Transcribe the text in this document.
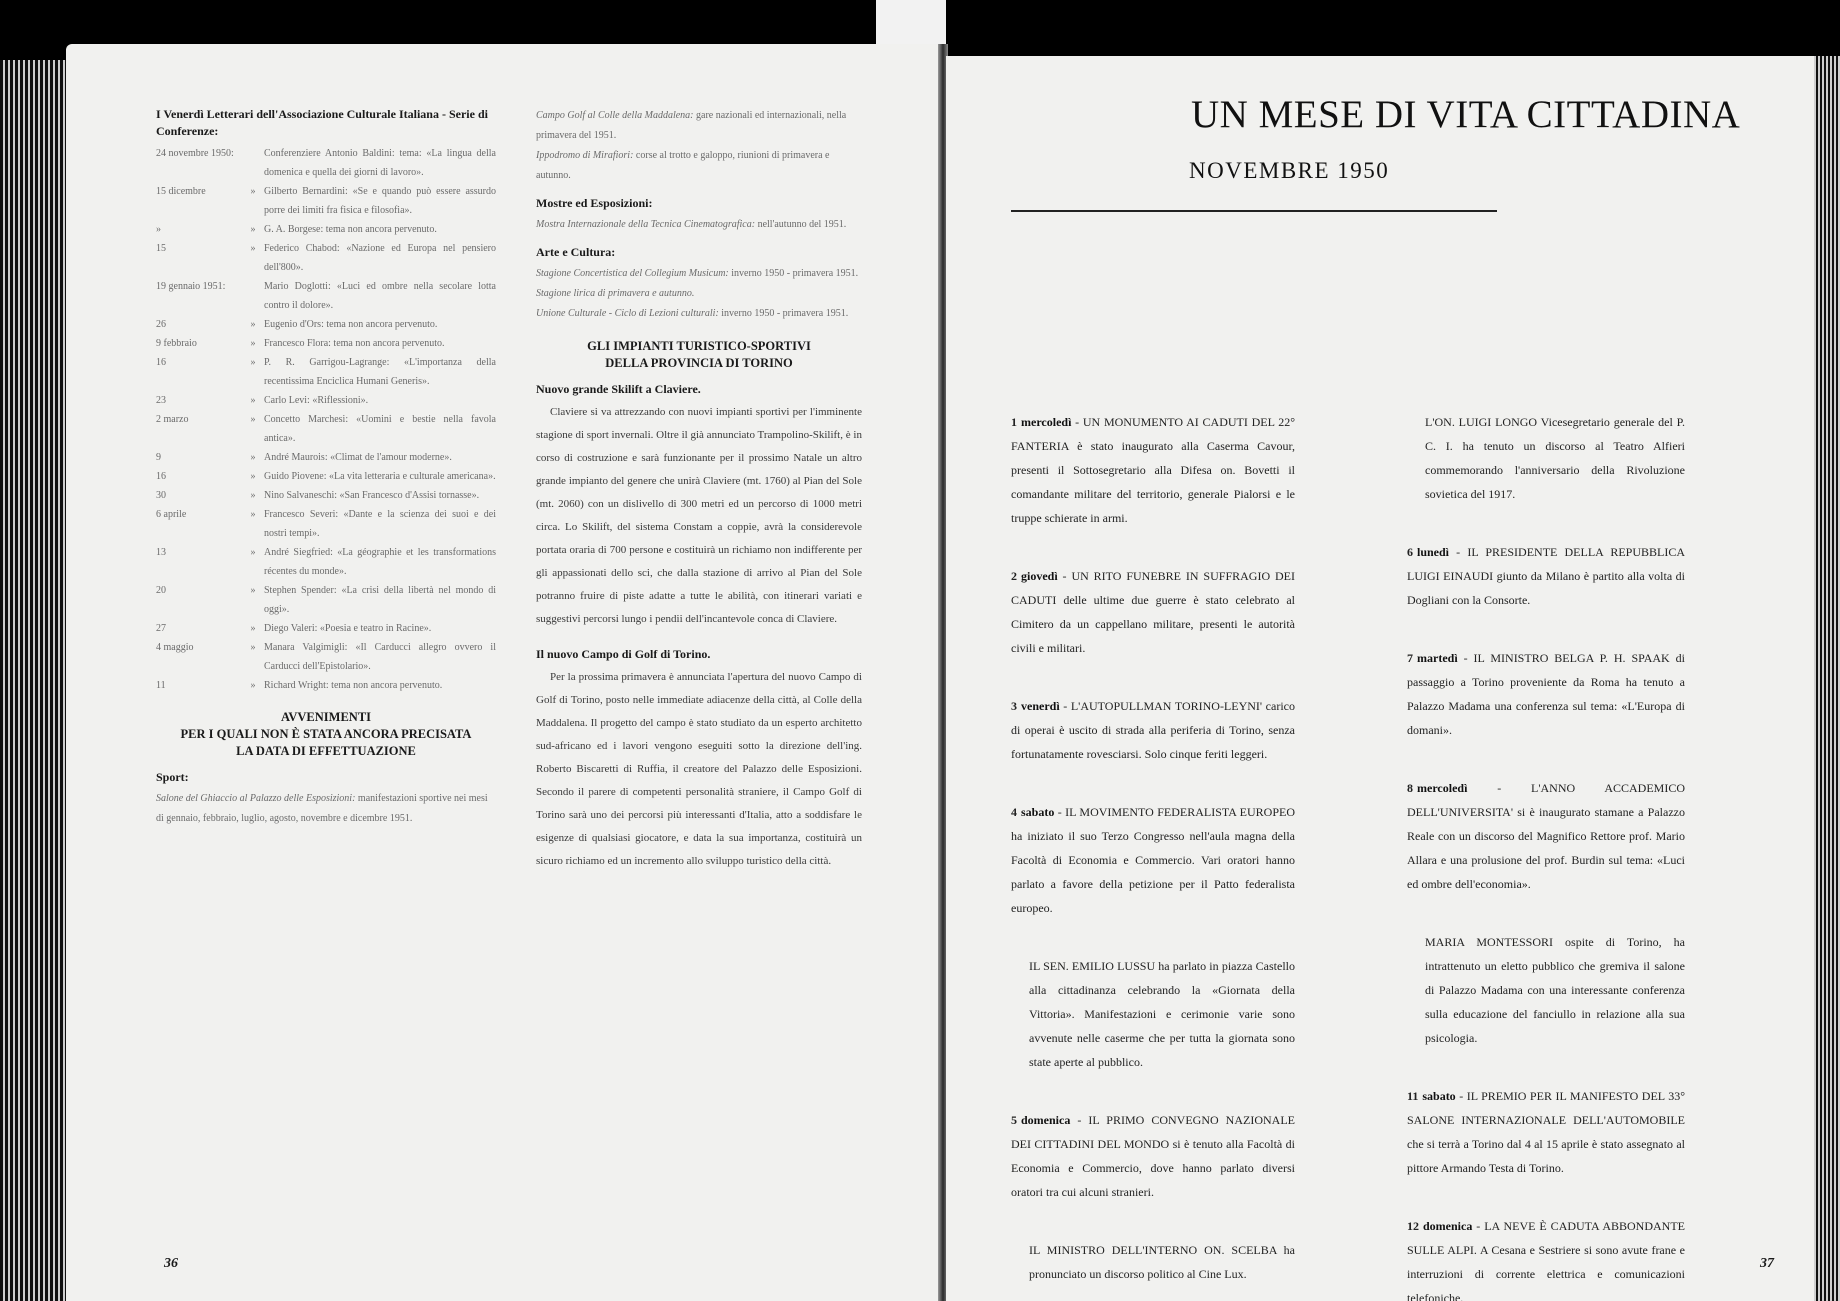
I Venerdì Letterari dell'Associazione Culturale Italiana - Serie di Conferenze:

24 novembre 1950:	Conferenziere Antonio Baldini: tema: «La lingua della domenica e quella dei giorni di lavoro».
15 dicembre	» Gilberto Bernardini: «Se e quando può essere assurdo porre dei limiti fra fisica e filosofia».
»	» G. A. Borgese: tema non ancora pervenuto.
15	» Federico Chabod: «Nazione ed Europa nel pensiero dell'800».
19 gennaio 1951:	Mario Doglotti: «Luci ed ombre nella secolare lotta contro il dolore».
26	» Eugenio d'Ors: tema non ancora pervenuto.
9 febbraio	» Francesco Flora: tema non ancora pervenuto.
16	» P. R. Garrigou-Lagrange: «L'importanza della recentissima Enciclica Humani Generis».
23	» Carlo Levi: «Riflessioni».
2 marzo	» Concetto Marchesi: «Uomini e bestie nella favola antica».
9	» André Maurois: «Climat de l'amour moderne».
16	» Guido Piovene: «La vita letteraria e culturale americana».
30	» Nino Salvaneschi: «San Francesco d'Assisi tornasse».
6 aprile	» Francesco Severi: «Dante e la scienza dei suoi e dei nostri tempi».
13	» André Siegfried: «La géographie et les transformations récentes du monde».
20	» Stephen Spender: «La crisi della libertà nel mondo di oggi».
27	» Diego Valeri: «Poesia e teatro in Racine».
4 maggio	» Manara Valgimigli: «Il Carducci allegro ovvero il Carducci dell'Epistolario».
11	» Richard Wright: tema non ancora pervenuto.

AVVENIMENTI

PER I QUALI NON È STATA ANCORA PRECISATA

LA DATA DI EFFETTUAZIONE

Sport:

Salone del Ghiaccio al Palazzo delle Esposizioni: manifestazioni sportive nei mesi di gennaio, febbraio, luglio, agosto, novembre e dicembre 1951.

Campo Golf al Colle della Maddalena: gare nazionali ed internazionali, nella primavera del 1951.

Ippodromo di Mirafiori: corse al trotto e galoppo, riunioni di primavera e autunno.

Mostre ed Esposizioni:

Mostra Internazionale della Tecnica Cinematografica: nell'autunno del 1951.

Arte e Cultura:

Stagione Concertistica del Collegium Musicum: inverno 1950 - primavera 1951.

Stagione lirica di primavera e autunno.

Unione Culturale - Ciclo di Lezioni culturali: inverno 1950 - primavera 1951.

GLI IMPIANTI TURISTICO-SPORTIVI

DELLA PROVINCIA DI TORINO

Nuovo grande Skilift a Claviere.

Claviere si va attrezzando con nuovi impianti sportivi per l'imminente stagione di sport invernali. Oltre il già annunciato Trampolino-Skilift, è in corso di costruzione e sarà funzionante per il prossimo Natale un altro grande impianto del genere che unirà Claviere (mt. 1760) al Pian del Sole (mt. 2060) con un dislivello di 300 metri ed un percorso di 1000 metri circa. Lo Skilift, del sistema Constam a coppie, avrà la considerevole portata oraria di 700 persone e costituirà un richiamo non indifferente per gli appassionati dello sci, che dalla stazione di arrivo al Pian del Sole potranno fruire di piste adatte a tutte le abilità, con itinerari variati e suggestivi percorsi lungo i pendii dell'incantevole conca di Claviere.

Il nuovo Campo di Golf di Torino.

Per la prossima primavera è annunciata l'apertura del nuovo Campo di Golf di Torino, posto nelle immediate adiacenze della città, al Colle della Maddalena. Il progetto del campo è stato studiato da un esperto architetto sud-africano ed i lavori vengono eseguiti sotto la direzione dell'ing. Roberto Biscaretti di Ruffia, il creatore del Palazzo delle Esposizioni. Secondo il parere di competenti personalità straniere, il Campo Golf di Torino sarà uno dei percorsi più interessanti d'Italia, atto a soddisfare le esigenze di qualsiasi giocatore, e data la sua importanza, costituirà un sicuro richiamo ed un incremento allo sviluppo turistico della città.

36
UN MESE DI VITA CITTADINA
NOVEMBRE 1950

1 mercoledì - UN MONUMENTO AI CADUTI DEL 22° FANTERIA è stato inaugurato alla Caserma Cavour, presenti il Sottosegretario alla Difesa on. Bovetti il comandante militare del territorio, generale Pialorsi e le truppe schierate in armi.

2 giovedì - UN RITO FUNEBRE IN SUFFRAGIO DEI CADUTI delle ultime due guerre è stato celebrato al Cimitero da un cappellano militare, presenti le autorità civili e militari.

3 venerdì - L'AUTOPULLMAN TORINO-LEYNI' carico di operai è uscito di strada alla periferia di Torino, senza fortunatamente rovesciarsi. Solo cinque feriti leggeri.

4 sabato - IL MOVIMENTO FEDERALISTA EUROPEO ha iniziato il suo Terzo Congresso nell'aula magna della Facoltà di Economia e Commercio. Vari oratori hanno parlato a favore della petizione per il Patto federalista europeo.

IL SEN. EMILIO LUSSU ha parlato in piazza Castello alla cittadinanza celebrando la «Giornata della Vittoria». Manifestazioni e cerimonie varie sono avvenute nelle caserme che per tutta la giornata sono state aperte al pubblico.

5 domenica - IL PRIMO CONVEGNO NAZIONALE DEI CITTADINI DEL MONDO si è tenuto alla Facoltà di Economia e Commercio, dove hanno parlato diversi oratori tra cui alcuni stranieri.

IL MINISTRO DELL'INTERNO ON. SCELBA ha pronunciato un discorso politico al Cine Lux.

L'ON. LUIGI LONGO Vicesegretario generale del P. C. I. ha tenuto un discorso al Teatro Alfieri commemorando l'anniversario della Rivoluzione sovietica del 1917.

6 lunedì - IL PRESIDENTE DELLA REPUBBLICA LUIGI EINAUDI giunto da Milano è partito alla volta di Dogliani con la Consorte.

7 martedì - IL MINISTRO BELGA P. H. SPAAK di passaggio a Torino proveniente da Roma ha tenuto a Palazzo Madama una conferenza sul tema: «L'Europa di domani».

8 mercoledì - L'ANNO ACCADEMICO DELL'UNIVERSITA' si è inaugurato stamane a Palazzo Reale con un discorso del Magnifico Rettore prof. Mario Allara e una prolusione del prof. Burdin sul tema: «Luci ed ombre dell'economia».

MARIA MONTESSORI ospite di Torino, ha intrattenuto un eletto pubblico che gremiva il salone di Palazzo Madama con una interessante conferenza sulla educazione del fanciullo in relazione alla sua psicologia.

11 sabato - IL PREMIO PER IL MANIFESTO DEL 33° SALONE INTERNAZIONALE DELL'AUTOMOBILE che si terrà a Torino dal 4 al 15 aprile è stato assegnato al pittore Armando Testa di Torino.

12 domenica - LA NEVE È CADUTA ABBONDANTE SULLE ALPI. A Cesana e Sestriere si sono avute frane e interruzioni di corrente elettrica e comunicazioni telefoniche.

37
